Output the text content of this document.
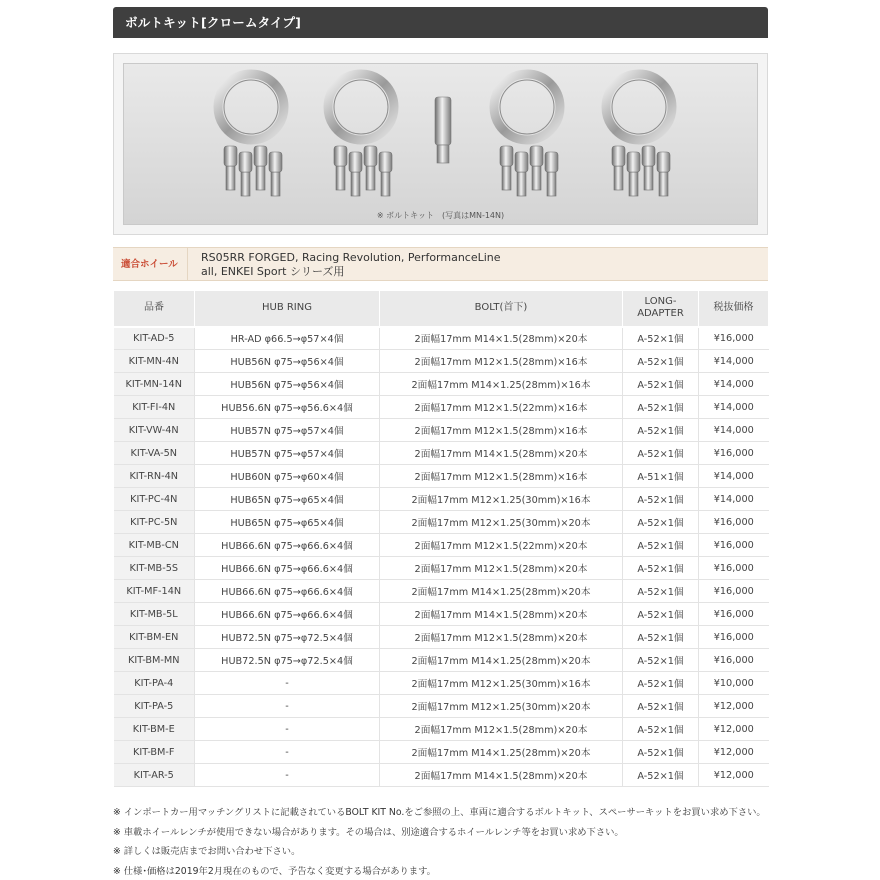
ボルトキット[クロームタイプ]
※ ボルトキット　(写真はMN-14N)
適合ホイール
RS05RR FORGED, Racing Revolution, PerformanceLine
all, ENKEI Sport シリーズ用
品番	HUB RING	BOLT(首下)	LONG-
ADAPTER	税抜価格
KIT-AD-5	HR-AD φ66.5→φ57×4個	2面幅17mm M14×1.5(28mm)×20本	A-52×1個	¥16,000
KIT-MN-4N	HUB56N φ75→φ56×4個	2面幅17mm M12×1.5(28mm)×16本	A-52×1個	¥14,000
KIT-MN-14N	HUB56N φ75→φ56×4個	2面幅17mm M14×1.25(28mm)×16本	A-52×1個	¥14,000
KIT-FI-4N	HUB56.6N φ75→φ56.6×4個	2面幅17mm M12×1.5(22mm)×16本	A-52×1個	¥14,000
KIT-VW-4N	HUB57N φ75→φ57×4個	2面幅17mm M12×1.5(28mm)×16本	A-52×1個	¥14,000
KIT-VA-5N	HUB57N φ75→φ57×4個	2面幅17mm M14×1.5(28mm)×20本	A-52×1個	¥16,000
KIT-RN-4N	HUB60N φ75→φ60×4個	2面幅17mm M12×1.5(28mm)×16本	A-51×1個	¥14,000
KIT-PC-4N	HUB65N φ75→φ65×4個	2面幅17mm M12×1.25(30mm)×16本	A-52×1個	¥14,000
KIT-PC-5N	HUB65N φ75→φ65×4個	2面幅17mm M12×1.25(30mm)×20本	A-52×1個	¥16,000
KIT-MB-CN	HUB66.6N φ75→φ66.6×4個	2面幅17mm M12×1.5(22mm)×20本	A-52×1個	¥16,000
KIT-MB-5S	HUB66.6N φ75→φ66.6×4個	2面幅17mm M12×1.5(28mm)×20本	A-52×1個	¥16,000
KIT-MF-14N	HUB66.6N φ75→φ66.6×4個	2面幅17mm M14×1.25(28mm)×20本	A-52×1個	¥16,000
KIT-MB-5L	HUB66.6N φ75→φ66.6×4個	2面幅17mm M14×1.5(28mm)×20本	A-52×1個	¥16,000
KIT-BM-EN	HUB72.5N φ75→φ72.5×4個	2面幅17mm M12×1.5(28mm)×20本	A-52×1個	¥16,000
KIT-BM-MN	HUB72.5N φ75→φ72.5×4個	2面幅17mm M14×1.25(28mm)×20本	A-52×1個	¥16,000
KIT-PA-4	-	2面幅17mm M12×1.25(30mm)×16本	A-52×1個	¥10,000
KIT-PA-5	-	2面幅17mm M12×1.25(30mm)×20本	A-52×1個	¥12,000
KIT-BM-E	-	2面幅17mm M12×1.5(28mm)×20本	A-52×1個	¥12,000
KIT-BM-F	-	2面幅17mm M14×1.25(28mm)×20本	A-52×1個	¥12,000
KIT-AR-5	-	2面幅17mm M14×1.5(28mm)×20本	A-52×1個	¥12,000
※ インポートカー用マッチングリストに記載されているBOLT KIT No.をご参照の上、車両に適合するボルトキット、スペーサーキットをお買い求め下さい。
※ 車載ホイールレンチが使用できない場合があります。その場合は、別途適合するホイールレンチ等をお買い求め下さい。
※ 詳しくは販売店までお問い合わせ下さい。
※ 仕様･価格は2019年2月現在のもので、予告なく変更する場合があります。
